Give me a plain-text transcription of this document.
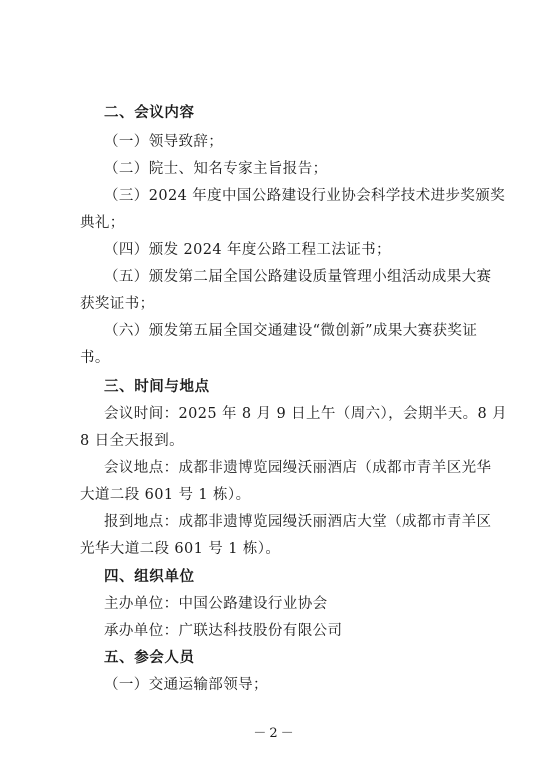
二、会议内容
（一）领导致辞；
（二）院士、知名专家主旨报告；
（三）2024 年度中国公路建设行业协会科学技术进步奖颁奖
典礼；
（四）颁发 2024 年度公路工程工法证书；
（五）颁发第二届全国公路建设质量管理小组活动成果大赛
获奖证书；
（六）颁发第五届全国交通建设“微创新”成果大赛获奖证
书。
三、时间与地点
会议时间：2025 年 8 月 9 日上午（周六），会期半天。8 月
8 日全天报到。
会议地点：成都非遗博览园缦沃丽酒店（成都市青羊区光华
大道二段 601 号 1 栋）。
报到地点：成都非遗博览园缦沃丽酒店大堂（成都市青羊区
光华大道二段 601 号 1 栋）。
四、组织单位
主办单位：中国公路建设行业协会
承办单位：广联达科技股份有限公司
五、参会人员
（一）交通运输部领导；
－2－
